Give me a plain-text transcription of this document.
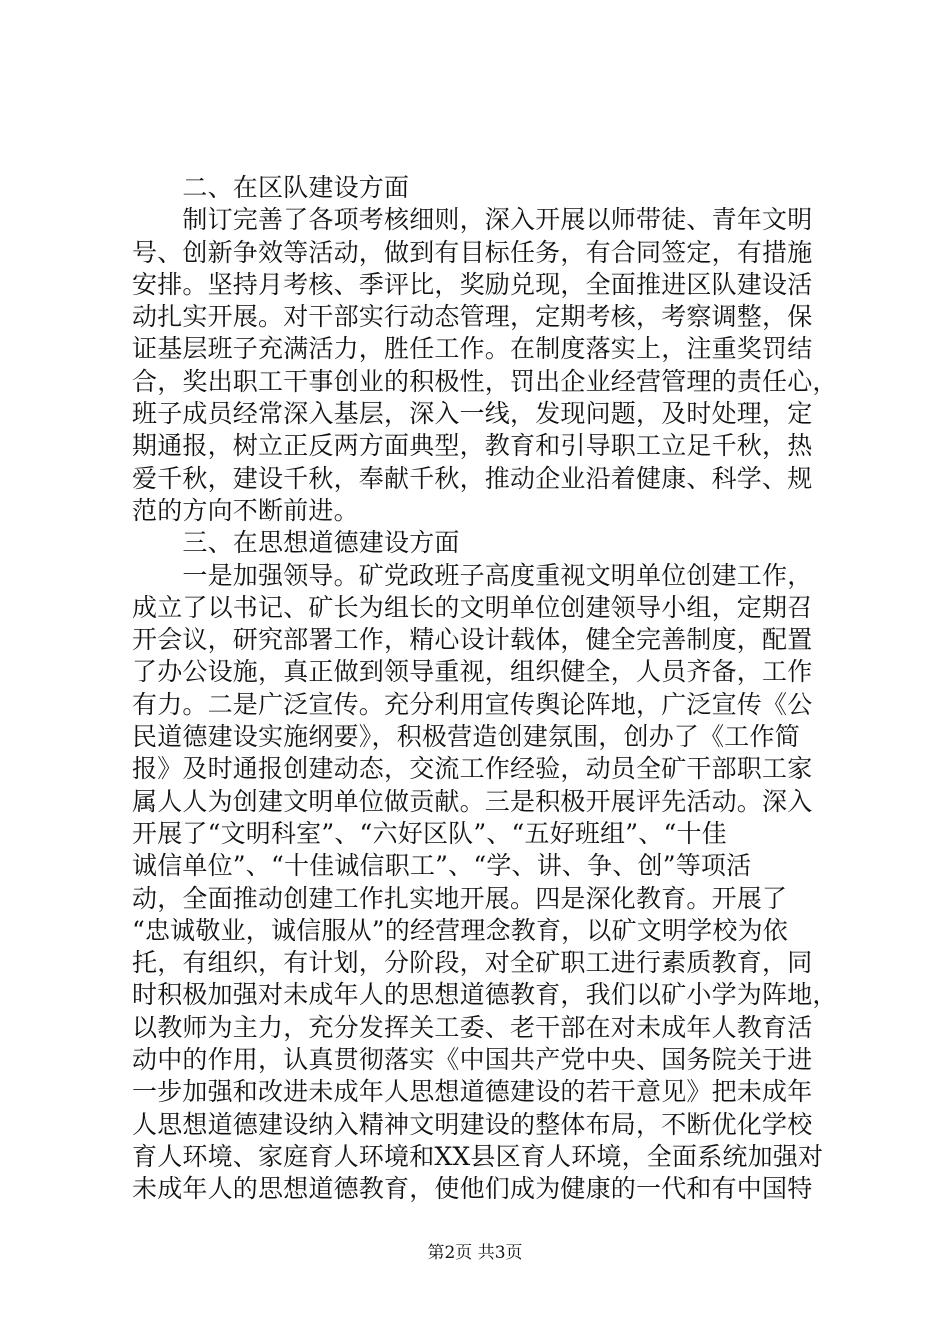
　　二、在区队建设方面
　　制订完善了各项考核细则，深入开展以师带徒、青年文明
号、创新争效等活动，做到有目标任务，有合同签定，有措施
安排。坚持月考核、季评比，奖励兑现，全面推进区队建设活
动扎实开展。对干部实行动态管理，定期考核，考察调整，保
证基层班子充满活力，胜任工作。在制度落实上，注重奖罚结
合，奖出职工干事创业的积极性，罚出企业经营管理的责任心，
班子成员经常深入基层，深入一线，发现问题，及时处理，定
期通报，树立正反两方面典型，教育和引导职工立足千秋，热
爱千秋，建设千秋，奉献千秋，推动企业沿着健康、科学、规
范的方向不断前进。
　　三、在思想道德建设方面
　　一是加强领导。矿党政班子高度重视文明单位创建工作，
成立了以书记、矿长为组长的文明单位创建领导小组，定期召
开会议，研究部署工作，精心设计载体，健全完善制度，配置
了办公设施，真正做到领导重视，组织健全，人员齐备，工作
有力。二是广泛宣传。充分利用宣传舆论阵地，广泛宣传《公
民道德建设实施纲要》，积极营造创建氛围，创办了《工作简
报》及时通报创建动态，交流工作经验，动员全矿干部职工家
属人人为创建文明单位做贡献。三是积极开展评先活动。深入
开展了“文明科室”、“六好区队”、“五好班组”、“十佳
诚信单位”、“十佳诚信职工”、“学、讲、争、创”等项活
动，全面推动创建工作扎实地开展。四是深化教育。开展了
“忠诚敬业，诚信服从”的经营理念教育，以矿文明学校为依
托，有组织，有计划，分阶段，对全矿职工进行素质教育，同
时积极加强对未成年人的思想道德教育，我们以矿小学为阵地，
以教师为主力，充分发挥关工委、老干部在对未成年人教育活
动中的作用，认真贯彻落实《中国共产党中央、国务院关于进
一步加强和改进未成年人思想道德建设的若干意见》把未成年
人思想道德建设纳入精神文明建设的整体布局，不断优化学校
育人环境、家庭育人环境和XX县区育人环境，全面系统加强对
未成年人的思想道德教育，使他们成为健康的一代和有中国特
第2页 共3页
